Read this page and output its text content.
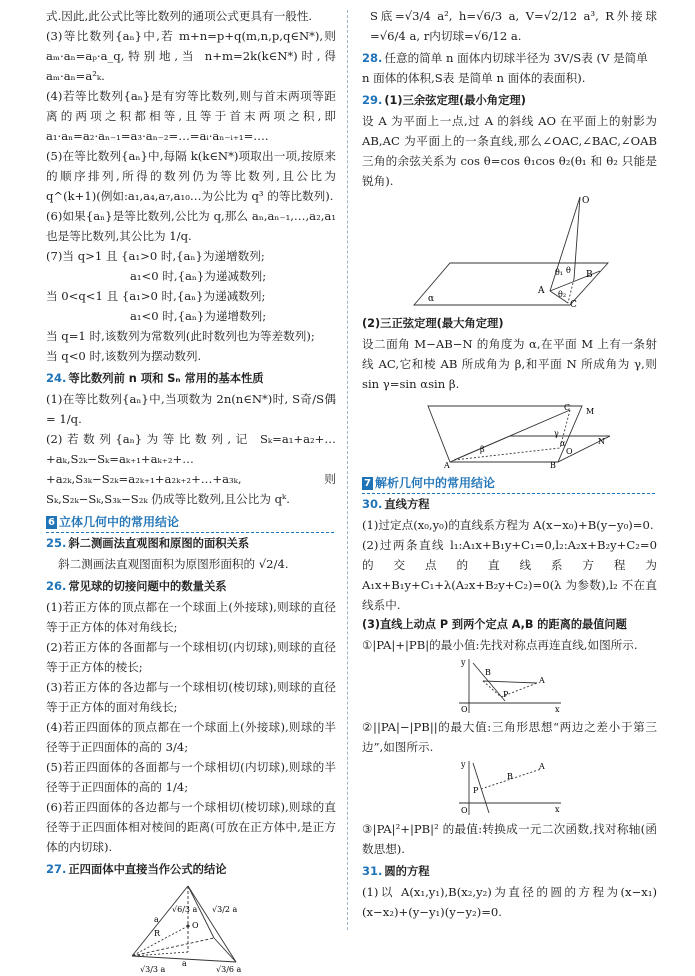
式.因此,此公式比等比数列的通项公式更具有一般性.

(3)等比数列{aₙ}中,若 m+n=p+q(m,n,p,q∈N*),则 aₘ·aₙ=aₚ·a_q,特别地,当 n+m=2k(k∈N*)时,得 aₘ·aₙ=a²ₖ.

(4)若等比数列{aₙ}是有穷等比数列,则与首末两项等距离的两项之积都相等,且等于首末两项之积,即 a₁·aₙ=a₂·aₙ₋₁=a₃·aₙ₋₂=…=aᵢ·aₙ₋ᵢ₊₁=….

(5)在等比数列{aₙ}中,每隔 k(k∈N*)项取出一项,按原来的顺序排列,所得的数列仍为等比数列,且公比为 q^(k+1)(例如:a₁,a₄,a₇,a₁₀…为公比为 q³ 的等比数列).

(6)如果{aₙ}是等比数列,公比为 q,那么 aₙ,aₙ₋₁,…,a₂,a₁ 也是等比数列,其公比为 1/q.

(7)当 q>1 且 {a₁>0 时,{aₙ}为递增数列;

a₁<0 时,{aₙ}为递减数列;

当 0<q<1 且 {a₁>0 时,{aₙ}为递减数列;

a₁<0 时,{aₙ}为递增数列;

当 q=1 时,该数列为常数列(此时数列也为等差数列);

当 q<0 时,该数列为摆动数列.

24. 等比数列前 n 项和 Sₙ 常用的基本性质

(1)在等比数列{aₙ}中,当项数为 2n(n∈N*)时, S奇/S偶 = 1/q.

(2)若数列{aₙ}为等比数列,记 Sₖ=a₁+a₂+…+aₖ,S₂ₖ−Sₖ=aₖ₊₁+aₖ₊₂+…+a₂ₖ,S₃ₖ−S₂ₖ=a₂ₖ₊₁+a₂ₖ₊₂+…+a₃ₖ,则 Sₖ,S₂ₖ−Sₖ,S₃ₖ−S₂ₖ 仍成等比数列,且公比为 qᵏ.

6 立体几何中的常用结论
25. 斜二测画法直观图和原图的面积关系

斜二测画法直观图面积为原图形面积的 √2/4.

26. 常见球的切接问题中的数量关系

(1)若正方体的顶点都在一个球面上(外接球),则球的直径等于正方体的体对角线长;

(2)若正方体的各面都与一个球相切(内切球),则球的直径等于正方体的棱长;

(3)若正方体的各边都与一个球相切(棱切球),则球的直径等于正方体的面对角线长;

(4)若正四面体的顶点都在一个球面上(外接球),则球的半径等于正四面体的高的 3/4;

(5)若正四面体的各面都与一个球相切(内切球),则球的半径等于正四面体的高的 1/4;

(6)若正四面体的各边都与一个球相切(棱切球),则球的直径等于正四面体相对棱间的距离(可放在正方体中,是正方体的内切球).

27. 正四面体中直接当作公式的结论
√6/3 a √3/2 a
O
R
a
a
√3/3 a	√3/6 a

S底=√3/4 a², h=√6/3 a, V=√2/12 a³, R外接球=√6/4 a, r内切球=√6/12 a.

28. 任意的简单 n 面体内切球半径为 3V/S表 (V 是简单 n 面体的体积,S表 是简单 n 面体的表面积).
29. (1)三余弦定理(最小角定理)

设 A 为平面上一点,过 A 的斜线 AO 在平面上的射影为 AB,AC 为平面上的一条直线,那么∠OAC,∠BAC,∠OAB 三角的余弦关系为 cos θ=cos θ₁cos θ₂(θ₁ 和 θ₂ 只能是锐角).

O
θ₁ θ B
A θ₂
C
α
(2)三正弦定理(最大角定理)

设二面角 M−AB−N 的角度为 α,在平面 M 上有一条射线 AC,它和棱 AB 所成角为 β,和平面 N 所成角为 γ,则 sin γ=sin αsin β.

C M
N
β
γ
α
O
A	B
7 解析几何中的常用结论
30. 直线方程

(1)过定点(x₀,y₀)的直线系方程为 A(x−x₀)+B(y−y₀)=0.

(2)过两条直线 l₁:A₁x+B₁y+C₁=0,l₂:A₂x+B₂y+C₂=0 的交点的直线系方程为 A₁x+B₁y+C₁+λ(A₂x+B₂y+C₂)=0(λ 为参数),l₂ 不在直线系中.

(3)直线上动点 P 到两个定点 A,B 的距离的最值问题

①|PA|+|PB|的最小值:先找对称点再连直线,如图所示.

y
B
A
P
O	x

②||PA|−|PB||的最大值:三角形思想“两边之差小于第三边”,如图所示.

y	A
B
P
O	x

③|PA|²+|PB|² 的最值:转换成一元二次函数,找对称轴(函数思想).

31. 圆的方程

(1)以 A(x₁,y₁),B(x₂,y₂)为直径的圆的方程为(x−x₁)(x−x₂)+(y−y₁)(y−y₂)=0.
